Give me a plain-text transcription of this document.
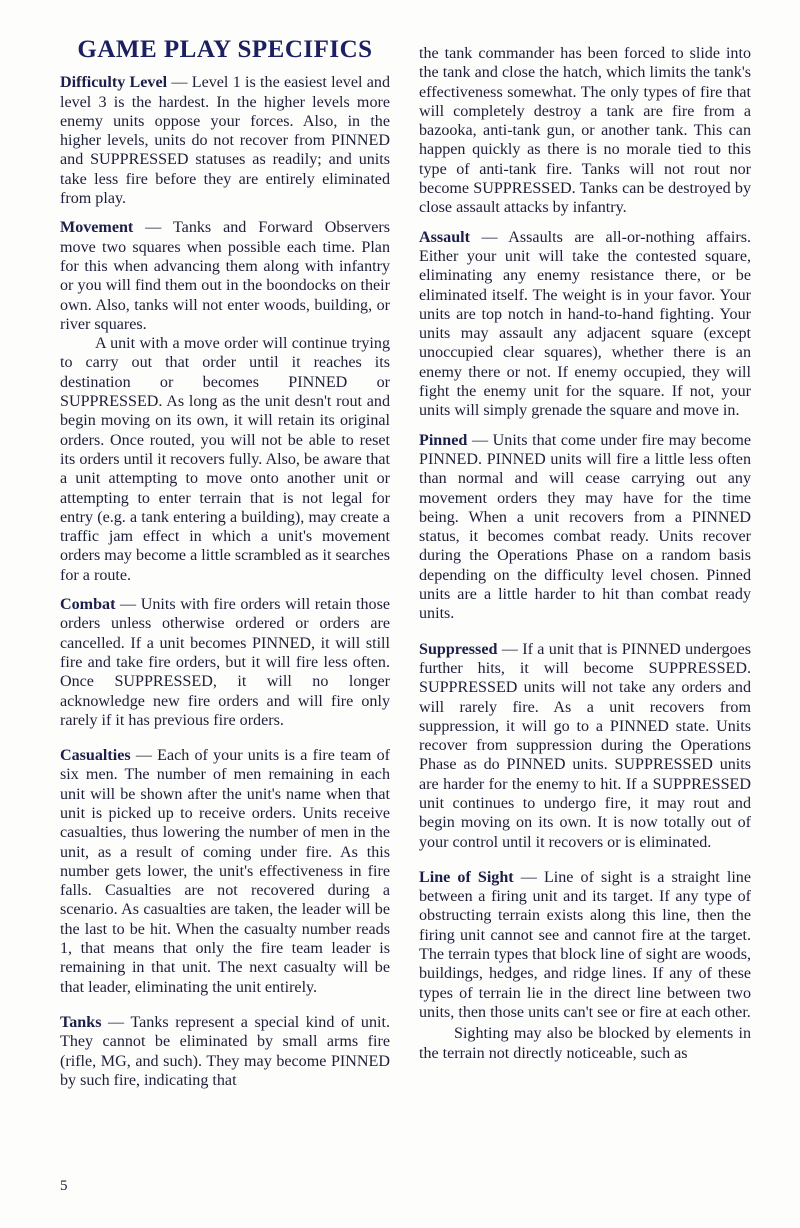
GAME PLAY SPECIFICS

Difficulty Level — Level 1 is the easiest level and level 3 is the hardest. In the higher levels more enemy units oppose your forces. Also, in the higher levels, units do not recover from PINNED and SUPPRESSED statuses as readily; and units take less fire before they are entirely eliminated from play.

Movement — Tanks and Forward Observers move two squares when possible each time. Plan for this when advancing them along with infantry or you will find them out in the boondocks on their own. Also, tanks will not enter woods, building, or river squares.

A unit with a move order will continue trying to carry out that order until it reaches its destination or becomes PINNED or SUPPRESSED. As long as the unit desn't rout and begin moving on its own, it will retain its original orders. Once routed, you will not be able to reset its orders until it recovers fully. Also, be aware that a unit attempting to move onto another unit or attempting to enter terrain that is not legal for entry (e.g. a tank entering a building), may create a traffic jam effect in which a unit's movement orders may become a little scrambled as it searches for a route.

Combat — Units with fire orders will retain those orders unless otherwise ordered or orders are cancelled. If a unit becomes PINNED, it will still fire and take fire orders, but it will fire less often. Once SUPPRESSED, it will no longer acknowledge new fire orders and will fire only rarely if it has previous fire orders.

Casualties — Each of your units is a fire team of six men. The number of men remaining in each unit will be shown after the unit's name when that unit is picked up to receive orders. Units receive casualties, thus lowering the number of men in the unit, as a result of coming under fire. As this number gets lower, the unit's effectiveness in fire falls. Casualties are not recovered during a scenario. As casualties are taken, the leader will be the last to be hit. When the casualty number reads 1, that means that only the fire team leader is remaining in that unit. The next casualty will be that leader, eliminating the unit entirely.

Tanks — Tanks represent a special kind of unit. They cannot be eliminated by small arms fire (rifle, MG, and such). They may become PINNED by such fire, indicating that

the tank commander has been forced to slide into the tank and close the hatch, which limits the tank's effectiveness somewhat. The only types of fire that will completely destroy a tank are fire from a bazooka, anti-tank gun, or another tank. This can happen quickly as there is no morale tied to this type of anti-tank fire. Tanks will not rout nor become SUPPRESSED. Tanks can be destroyed by close assault attacks by infantry.

Assault — Assaults are all-or-nothing affairs. Either your unit will take the contested square, eliminating any enemy resistance there, or be eliminated itself. The weight is in your favor. Your units are top notch in hand-to-hand fighting. Your units may assault any adjacent square (except unoccupied clear squares), whether there is an enemy there or not. If enemy occupied, they will fight the enemy unit for the square. If not, your units will simply grenade the square and move in.

Pinned — Units that come under fire may become PINNED. PINNED units will fire a little less often than normal and will cease carrying out any movement orders they may have for the time being. When a unit recovers from a PINNED status, it becomes combat ready. Units recover during the Operations Phase on a random basis depending on the difficulty level chosen. Pinned units are a little harder to hit than combat ready units.

Suppressed — If a unit that is PINNED undergoes further hits, it will become SUPPRESSED. SUPPRESSED units will not take any orders and will rarely fire. As a unit recovers from suppression, it will go to a PINNED state. Units recover from suppression during the Operations Phase as do PINNED units. SUPPRESSED units are harder for the enemy to hit. If a SUPPRESSED unit continues to undergo fire, it may rout and begin moving on its own. It is now totally out of your control until it recovers or is eliminated.

Line of Sight — Line of sight is a straight line between a firing unit and its target. If any type of obstructing terrain exists along this line, then the firing unit cannot see and cannot fire at the target. The terrain types that block line of sight are woods, buildings, hedges, and ridge lines. If any of these types of terrain lie in the direct line between two units, then those units can't see or fire at each other.

Sighting may also be blocked by elements in the terrain not directly noticeable, such as

5
